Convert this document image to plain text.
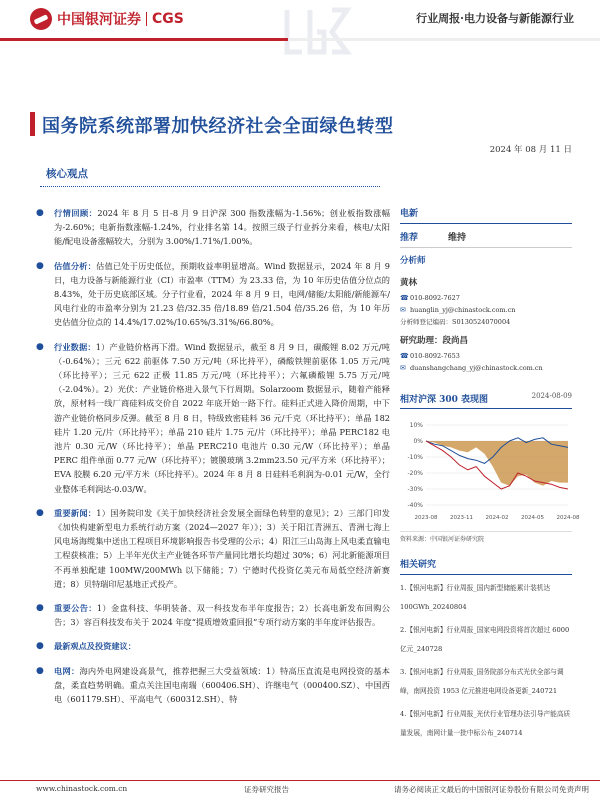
中国银河证券 CGS	行业周报·电力设备与新能源行业
国务院系统部署加快经济社会全面绿色转型
2024 年 08 月 11 日
核心观点
● 行情回顾：2024 年 8 月 5 日-8 月 9 日沪深 300 指数涨幅为-1.56%；创业板指数涨幅为-2.60%；电新指数涨幅-1.24%，行业排名第 14。按照三级子行业拆分来看，核电/太阳能/配电设备涨幅较大，分别为 3.00%/1.71%/1.00%。
● 估值分析：估值已处于历史低位，预期收益率明显增高。Wind 数据显示，2024 年 8 月 9 日，电力设备与新能源行业（CI）市盈率（TTM）为 23.33 倍，为 10 年历史估值分位点的 8.43%，处于历史底部区域。分子行业看，2024 年 8 月 9 日，电网/储能/太阳能/新能源车/风电行业的市盈率分别为 21.23 倍/32.35 倍/18.89 倍/21.504 倍/35.26 倍，为 10 年历史估值分位点的 14.4%/17.02%/10.65%/3.31%/66.80%。
● 行业数据：1）产业链价格再下滑。Wind 数据显示，截至 8 月 9 日，碳酸锂 8.02 万元/吨（-0.64%）；三元 622 前驱体 7.50 万元/吨（环比持平），磷酸铁锂前驱体 1.05 万元/吨（环比持平）；三元 622 正极 11.85 万元/吨（环比持平）；六氟磷酸锂 5.75 万元/吨（-2.04%）。2）光伏：产业链价格进入景气下行周期。Solarzoom 数据显示，随着产能释放，原材料一线厂商硅料成交价自 2022 年底开始一路下行。硅料正式进入降价周期，中下游产业链价格同步反弹。截至 8 月 8 日，特级致密硅料 36 元/千克（环比持平）；单晶 182 硅片 1.20 元/片（环比持平）；单晶 210 硅片 1.75 元/片（环比持平）；单晶 PERC182 电池片 0.30 元/W（环比持平）；单晶 PERC210 电池片 0.30 元/W（环比持平）；单晶 PERC 组件单面 0.77 元/W（环比持平）；镀膜玻璃 3.2mm23.50 元/平方米（环比持平）；EVA 胶膜 6.20 元/平方米（环比持平）。2024 年 8 月 8 日硅料毛利润为-0.01 元/W，全行业整体毛利润达-0.03/W。
● 重要新闻：1）国务院印发《关于加快经济社会发展全面绿色转型的意见》；2）三部门印发《加快构建新型电力系统行动方案（2024—2027 年）》；3）关于阳江青洲五、青洲七海上风电场海缆集中送出工程项目环境影响报告书受理的公示；4）阳江三山岛海上风电柔直输电工程获核准；5）上半年光伏主产业链各环节产量同比增长均超过 30%；6）河北新能源项目不再单独配建 100MW/200MWh 以下储能；7）宁德时代投资亿美元布局低空经济新赛道；8）贝特瑞印尼基地正式投产。
● 重要公告：1）金盘科技、华明装备、双一科技发布半年度报告；2）长高电新发布回购公告；3）容百科技发布关于 2024 年度“提质增效重回报”专项行动方案的半年度评估报告。
● 最新观点及投资建议：
● 电网：海内外电网建设高景气，推荐把握三大受益领域：1）特高压直流是电网投资的基本盘，柔直趋势明确。重点关注国电南瑞（600406.SH）、许继电气（000400.SZ）、中国西电（601179.SH）、平高电气（600312.SH）、特
电新
推荐	维持
分析师
黄林
☎ 010-8092-7627
✉ huanglin_yj@chinastock.com.cn
分析师登记编码：S0130524070004
研究助理：段尚昌
☎ 010-8092-7653
✉ duanshangchang_yj@chinastock.com.cn
相对沪深 300 表现图	2024-08-09
10%
0%
-10%
-20%
-30%
-40%
2023-08 2023-11 2024-02 2024-05 2024-08
资料来源：中国银河证券研究院
相关研究
1.【银河电新】行业周报_国内新型储能累计装机达 100GWh_20240804
2.【银河电新】行业周报_国家电网投资将首次超过 6000 亿元_240728
3.【银河电新】行业周报_国务院部分布式光伏全部与调峰，南网投资 1953 亿元推进电网设备更新_240721
4.【银河电新】行业周报_光伏行业管理办法引导产能高质量发展，南网计量一批中标公布_240714
www.chinastock.com.cn	证券研究报告	请务必阅读正文最后的中国银河证券股份有限公司免责声明
